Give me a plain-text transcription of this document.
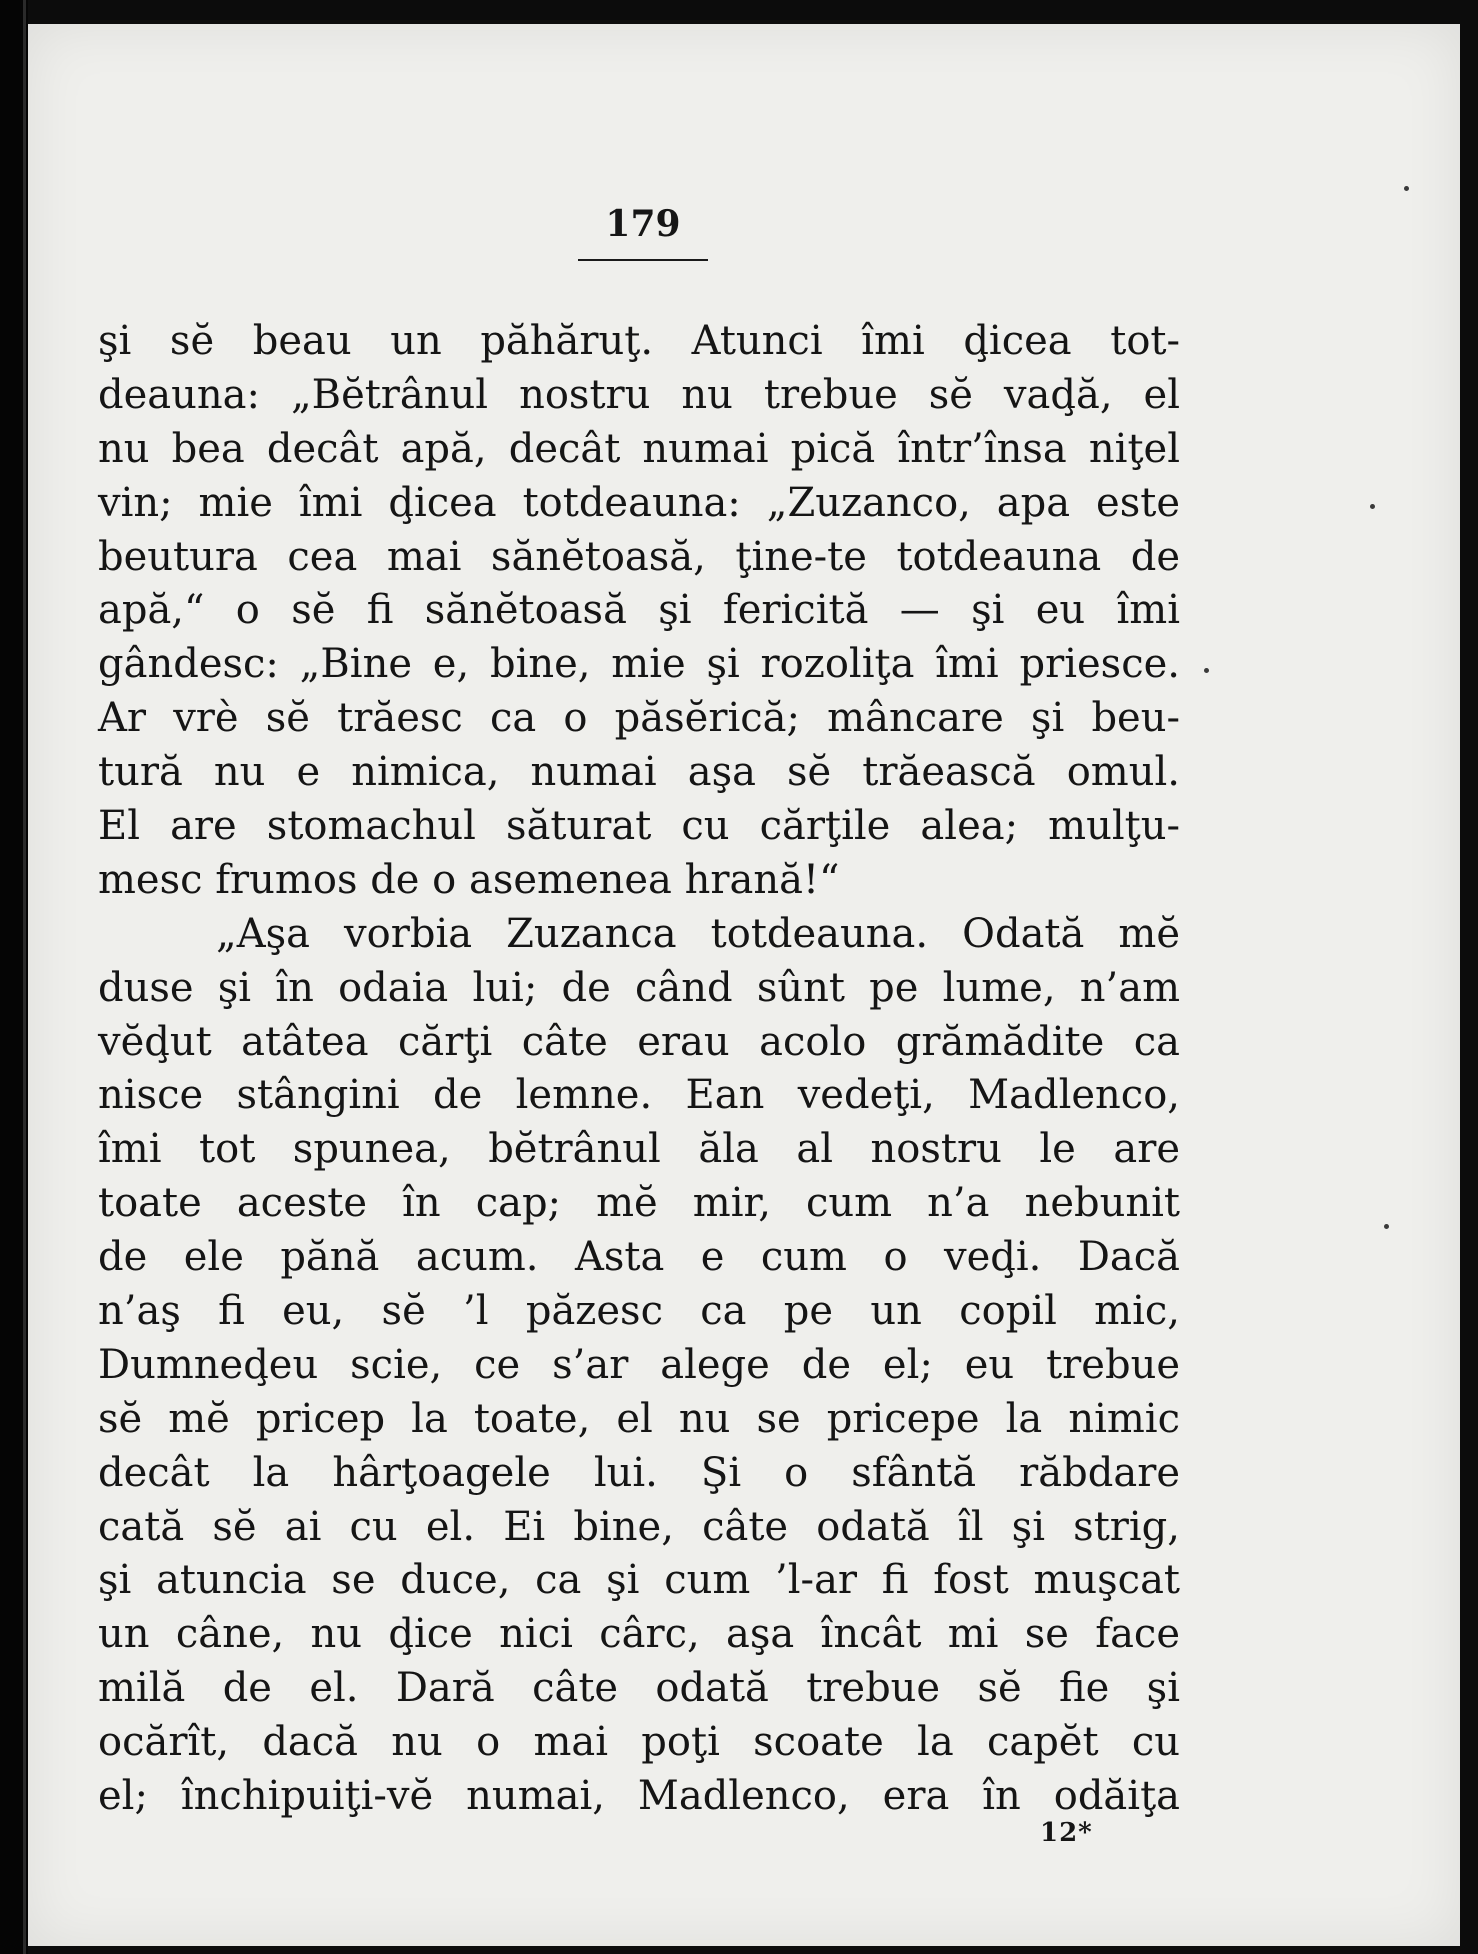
179
şi sĕ beau un păhăruţ. Atunci îmi ḑicea tot-
deauna: „Bĕtrânul nostru nu trebue sĕ vaḑă, el
nu bea decât apă, decât numai pică într’însa niţel
vin; mie îmi ḑicea totdeauna: „Zuzanco, apa este
beutura cea mai sănĕtoasă, ţine-te totdeauna de
apă,“ o sĕ fi sănĕtoasă şi fericită — şi eu îmi
gândesc: „Bine e, bine, mie şi rozoliţa îmi priesce.
Ar vrè sĕ trăesc ca o păsĕrică; mâncare şi beu-
tură nu e nimica, numai aşa sĕ trăească omul.
El are stomachul săturat cu cărţile alea; mulţu-
mesc frumos de o asemenea hrană!“
„Aşa vorbia Zuzanca totdeauna. Odată mĕ
duse şi în odaia lui; de când sûnt pe lume, n’am
vĕḑut atâtea cărţi câte erau acolo grămădite ca
nisce stângini de lemne. Ean vedeţi, Madlenco,
îmi tot spunea, bĕtrânul ăla al nostru le are
toate aceste în cap; mĕ mir, cum n’a nebunit
de ele pănă acum. Asta e cum o veḑi. Dacă
n’aş fi eu, sĕ ’l păzesc ca pe un copil mic,
Dumneḑeu scie, ce s’ar alege de el; eu trebue
sĕ mĕ pricep la toate, el nu se pricepe la nimic
decât la hârţoagele lui. Şi o sfântă răbdare
cată sĕ ai cu el. Ei bine, câte odată îl şi strig,
şi atuncia se duce, ca şi cum ’l-ar fi fost muşcat
un câne, nu ḑice nici cârc, aşa încât mi se face
milă de el. Dară câte odată trebue sĕ fie şi
ocărît, dacă nu o mai poţi scoate la capĕt cu
el; închipuiţi-vĕ numai, Madlenco, era în odăiţa
12*
